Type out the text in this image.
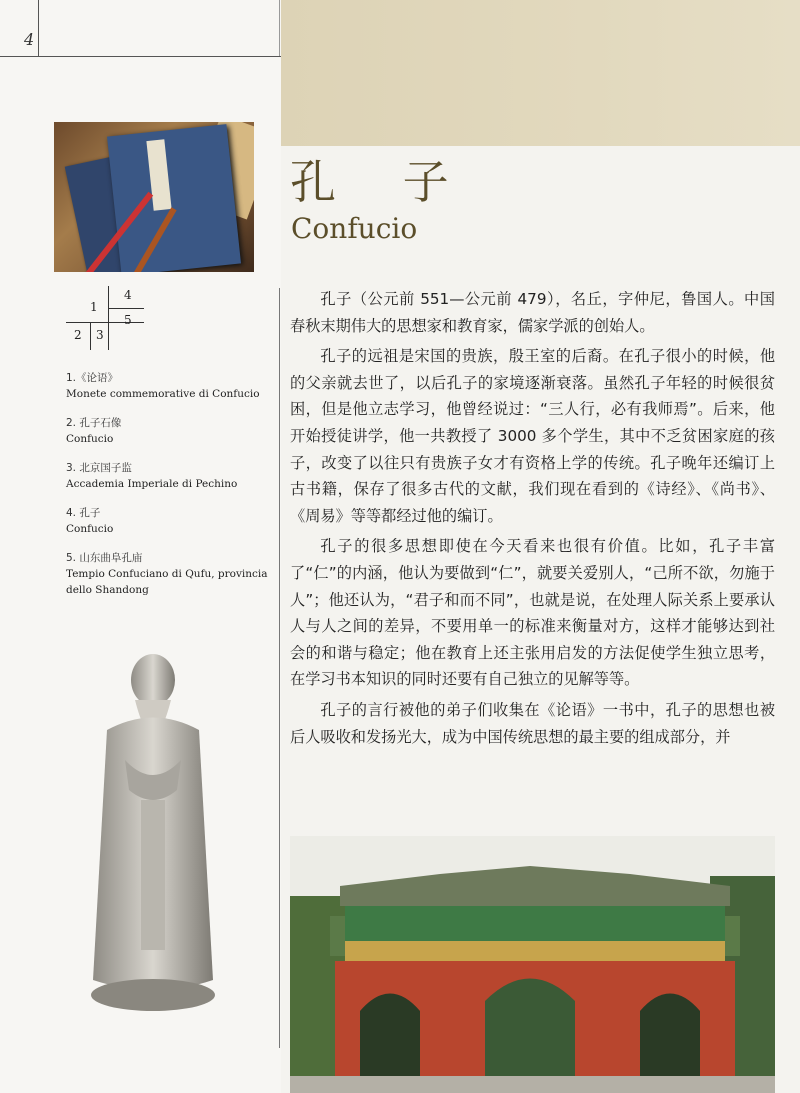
4
4
1
5
2 3
1.《论语》
Monete commemorative di Confucio
2. 孔子石像
Confucio
3. 北京国子监
Accademia Imperiale di Pechino
4. 孔子
Confucio
5. 山东曲阜孔庙
Tempio Confuciano di Qufu, provincia dello Shandong
孔 子
Confucio

孔子（公元前 551—公元前 479），名丘，字仲尼，鲁国人。中国春秋末期伟大的思想家和教育家，儒家学派的创始人。

孔子的远祖是宋国的贵族，殷王室的后裔。在孔子很小的时候，他的父亲就去世了，以后孔子的家境逐渐衰落。虽然孔子年轻的时候很贫困，但是他立志学习，他曾经说过：“三人行，必有我师焉”。后来，他开始授徒讲学，他一共教授了 3000 多个学生，其中不乏贫困家庭的孩子，改变了以往只有贵族子女才有资格上学的传统。孔子晚年还编订上古书籍，保存了很多古代的文献，我们现在看到的《诗经》、《尚书》、《周易》等等都经过他的编订。

孔子的很多思想即使在今天看来也很有价值。比如，孔子丰富了“仁”的内涵，他认为要做到“仁”，就要关爱别人，“己所不欲，勿施于人”；他还认为，“君子和而不同”，也就是说，在处理人际关系上要承认人与人之间的差异，不要用单一的标准来衡量对方，这样才能够达到社会的和谐与稳定；他在教育上还主张用启发的方法促使学生独立思考，在学习书本知识的同时还要有自己独立的见解等等。

孔子的言行被他的弟子们收集在《论语》一书中，孔子的思想也被后人吸收和发扬光大，成为中国传统思想的最主要的组成部分，并
